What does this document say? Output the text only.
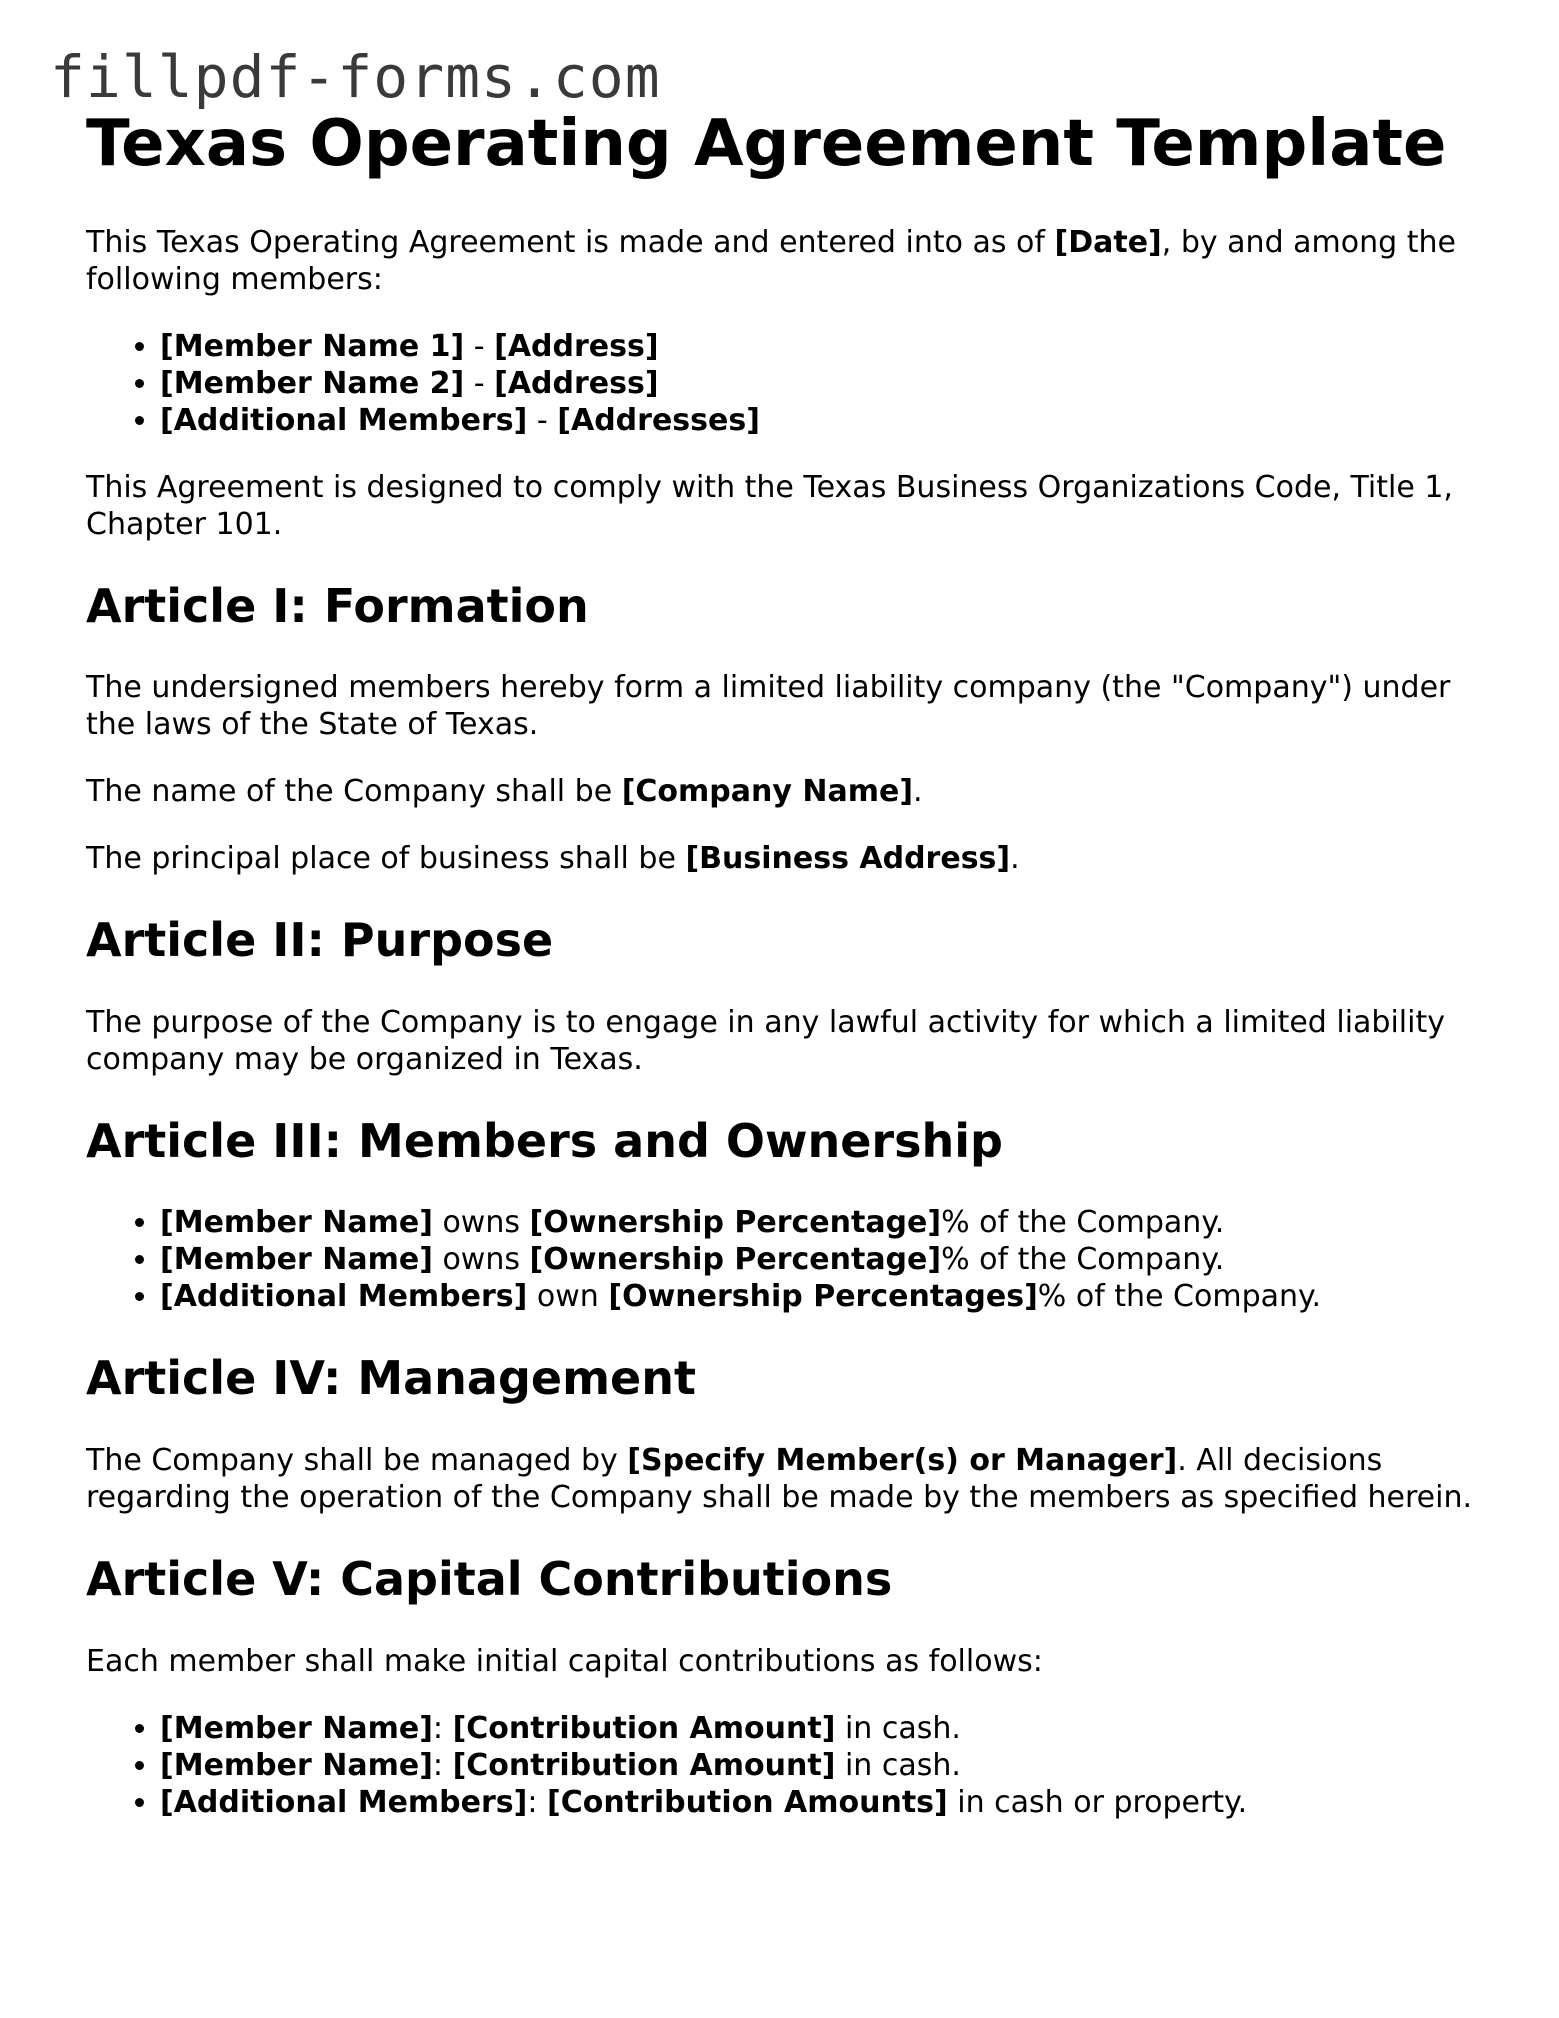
fillpdf-forms.com
Texas Operating Agreement Template

This Texas Operating Agreement is made and entered into as of [Date], by and among the following members:

• [Member Name 1] - [Address]
• [Member Name 2] - [Address]
• [Additional Members] - [Addresses]

This Agreement is designed to comply with the Texas Business Organizations Code, Title 1, Chapter 101.

Article I: Formation

The undersigned members hereby form a limited liability company (the "Company") under the laws of the State of Texas.

The name of the Company shall be [Company Name].

The principal place of business shall be [Business Address].

Article II: Purpose

The purpose of the Company is to engage in any lawful activity for which a limited liability company may be organized in Texas.

Article III: Members and Ownership
• [Member Name] owns [Ownership Percentage]% of the Company.
• [Member Name] owns [Ownership Percentage]% of the Company.
• [Additional Members] own [Ownership Percentages]% of the Company.
Article IV: Management

The Company shall be managed by [Specify Member(s) or Manager]. All decisions regarding the operation of the Company shall be made by the members as specified herein.

Article V: Capital Contributions

Each member shall make initial capital contributions as follows:

• [Member Name]: [Contribution Amount] in cash.
• [Member Name]: [Contribution Amount] in cash.
• [Additional Members]: [Contribution Amounts] in cash or property.
